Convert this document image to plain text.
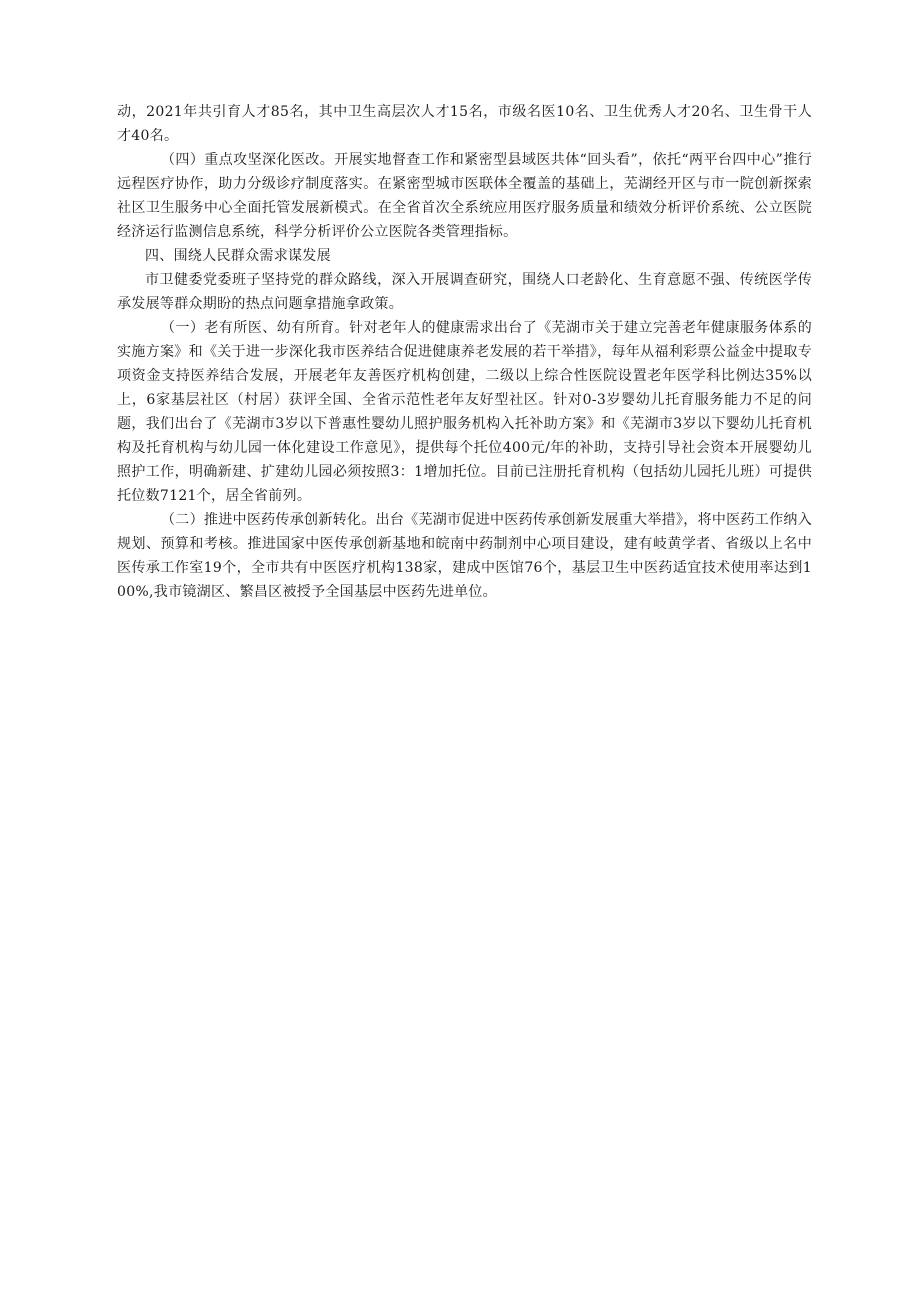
动，2021年共引育人才85名，其中卫生高层次人才15名，市级名医10名、卫生优秀人才20名、卫生骨干人才40名。

（四）重点攻坚深化医改。开展实地督查工作和紧密型县域医共体“回头看”，依托“两平台四中心”推行远程医疗协作，助力分级诊疗制度落实。在紧密型城市医联体全覆盖的基础上，芜湖经开区与市一院创新探索社区卫生服务中心全面托管发展新模式。在全省首次全系统应用医疗服务质量和绩效分析评价系统、公立医院经济运行监测信息系统，科学分析评价公立医院各类管理指标。

四、围绕人民群众需求谋发展

市卫健委党委班子坚持党的群众路线，深入开展调查研究，围绕人口老龄化、生育意愿不强、传统医学传承发展等群众期盼的热点问题拿措施拿政策。

（一）老有所医、幼有所育。针对老年人的健康需求出台了《芜湖市关于建立完善老年健康服务体系的实施方案》和《关于进一步深化我市医养结合促进健康养老发展的若干举措》，每年从福利彩票公益金中提取专项资金支持医养结合发展，开展老年友善医疗机构创建，二级以上综合性医院设置老年医学科比例达35%以上，6家基层社区（村居）获评全国、全省示范性老年友好型社区。针对0-3岁婴幼儿托育服务能力不足的问题，我们出台了《芜湖市3岁以下普惠性婴幼儿照护服务机构入托补助方案》和《芜湖市3岁以下婴幼儿托育机构及托育机构与幼儿园一体化建设工作意见》，提供每个托位400元/年的补助，支持引导社会资本开展婴幼儿照护工作，明确新建、扩建幼儿园必须按照3：1增加托位。目前已注册托育机构（包括幼儿园托儿班）可提供托位数7121个，居全省前列。

（二）推进中医药传承创新转化。出台《芜湖市促进中医药传承创新发展重大举措》，将中医药工作纳入规划、预算和考核。推进国家中医传承创新基地和皖南中药制剂中心项目建设，建有岐黄学者、省级以上名中医传承工作室19个，全市共有中医医疗机构138家，建成中医馆76个，基层卫生中医药适宜技术使用率达到100%,我市镜湖区、繁昌区被授予全国基层中医药先进单位。
